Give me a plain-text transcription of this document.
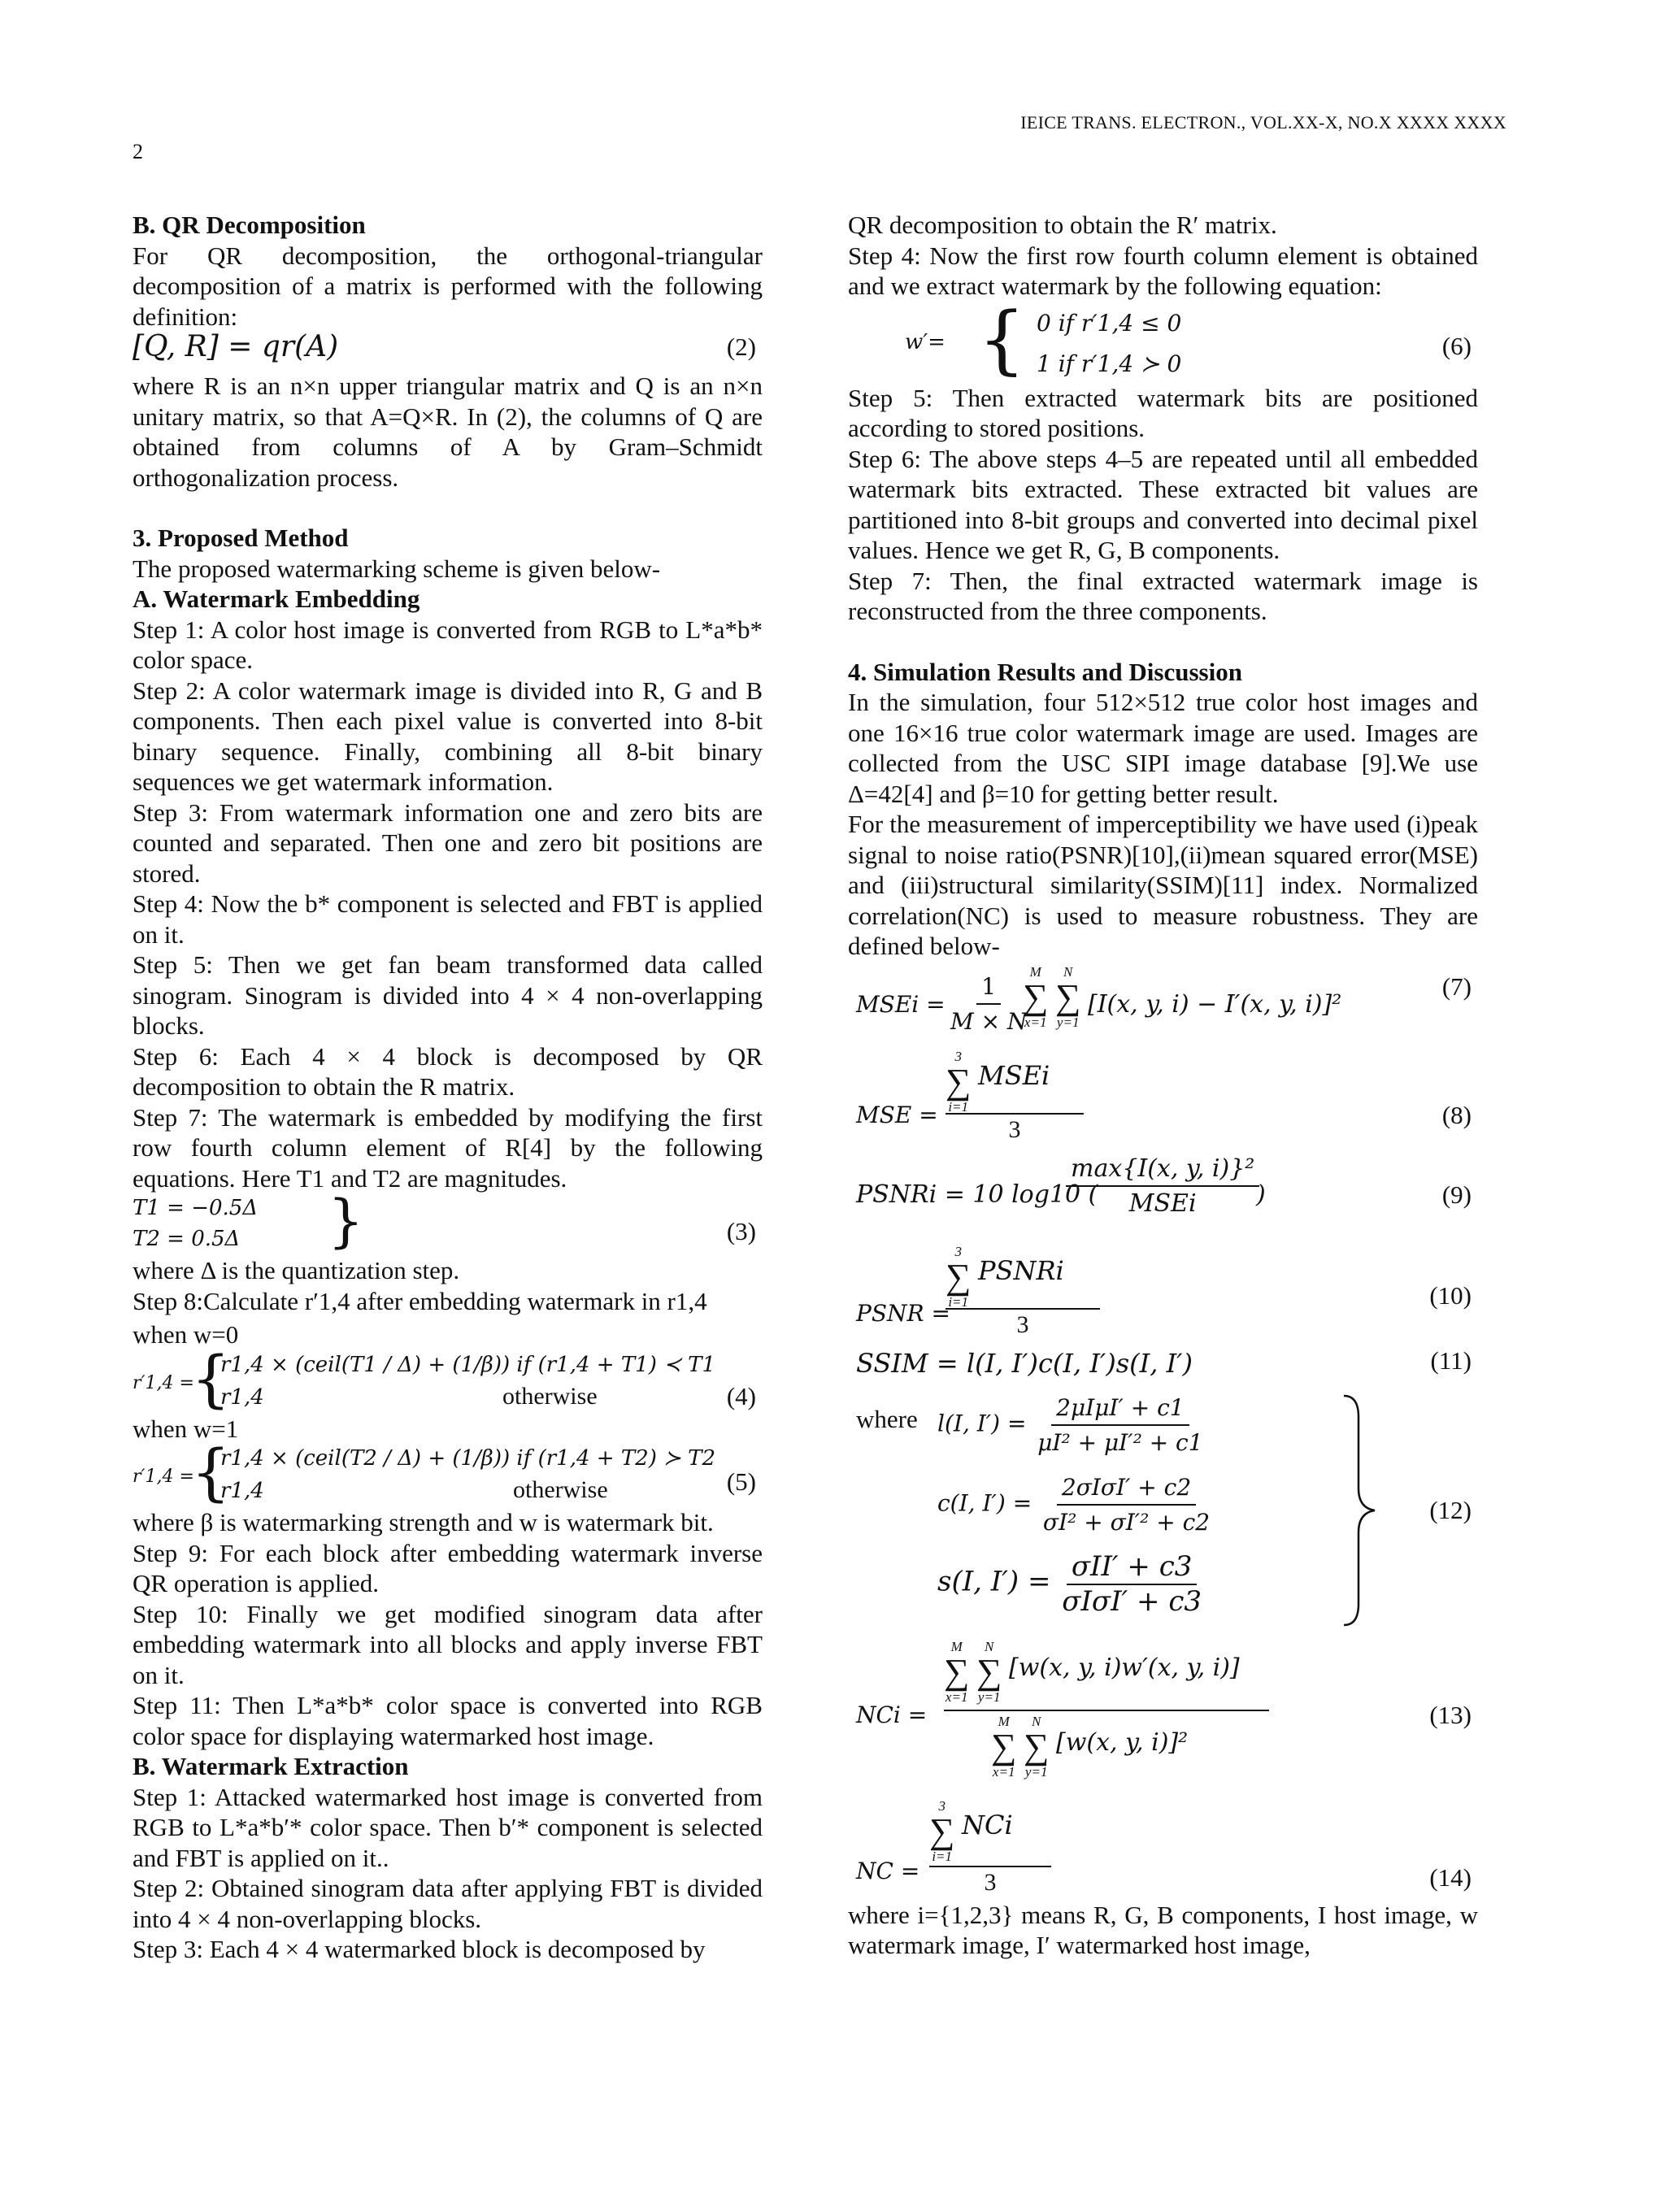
IEICE TRANS. ELECTRON., VOL.XX-X, NO.X XXXX XXXX
2

B. QR Decomposition

For QR decomposition, the orthogonal-triangular decomposition of a matrix is performed with the following definition:

[Q, R] = qr(A)	(2)

where R is an n×n upper triangular matrix and Q is an n×n unitary matrix, so that A=Q×R. In (2), the columns of Q are obtained from columns of A by Gram–Schmidt orthogonalization process.

3. Proposed Method

The proposed watermarking scheme is given below-

A. Watermark Embedding

Step 1: A color host image is converted from RGB to L*a*b* color space.

Step 2: A color watermark image is divided into R, G and B components. Then each pixel value is converted into 8-bit binary sequence. Finally, combining all 8-bit binary sequences we get watermark information.

Step 3: From watermark information one and zero bits are counted and separated. Then one and zero bit positions are stored.

Step 4: Now the b* component is selected and FBT is applied on it.

Step 5: Then we get fan beam transformed data called sinogram. Sinogram is divided into 4 × 4 non-overlapping blocks.

Step 6: Each 4 × 4 block is decomposed by QR decomposition to obtain the R matrix.

Step 7: The watermark is embedded by modifying the first row fourth column element of R[4] by the following equations. Here T1 and T2 are magnitudes.

T1 = −0.5Δ
T2 = 0.5Δ }	(3)

where Δ is the quantization step.

Step 8:Calculate r′1,4 after embedding watermark in r1,4

when w=0

r′1,4 =
{
r1,4 × (ceil(T1 / Δ) + (1/β)) if (r1,4 + T1) ≺ T1
r1,4	otherwise	(4)

when w=1

r′1,4 =
{
r1,4 × (ceil(T2 / Δ) + (1/β)) if (r1,4 + T2) ≻ T2
r1,4	otherwise	(5)

where β is watermarking strength and w is watermark bit.

Step 9: For each block after embedding watermark inverse QR operation is applied.

Step 10: Finally we get modified sinogram data after embedding watermark into all blocks and apply inverse FBT on it.

Step 11: Then L*a*b* color space is converted into RGB color space for displaying watermarked host image.

B. Watermark Extraction

Step 1: Attacked watermarked host image is converted from RGB to L*a*b′* color space. Then b′* component is selected and FBT is applied on it..

Step 2: Obtained sinogram data after applying FBT is divided into 4 × 4 non-overlapping blocks.

Step 3: Each 4 × 4 watermarked block is decomposed by

QR decomposition to obtain the R′ matrix.

Step 4: Now the first row fourth column element is obtained and we extract watermark by the following equation:

w′= { 0 if r′1,4 ≤ 0
1 if r′1,4 ≻ 0
(6)

Step 5: Then extracted watermark bits are positioned according to stored positions.

Step 6: The above steps 4–5 are repeated until all embedded watermark bits extracted. These extracted bit values are partitioned into 8-bit groups and converted into decimal pixel values. Hence we get R, G, B components.

Step 7: Then, the final extracted watermark image is reconstructed from the three components.

4. Simulation Results and Discussion

In the simulation, four 512×512 true color host images and one 16×16 true color watermark image are used. Images are collected from the USC SIPI image database [9].We use Δ=42[4] and β=10 for getting better result.

For the measurement of imperceptibility we have used (i)peak signal to noise ratio(PSNR)[10],(ii)mean squared error(MSE) and (iii)structural similarity(SSIM)[11] index. Normalized correlation(NC) is used to measure robustness. They are defined below-

MSEi = $\frac{1}{M \times N}$ M
∑
x=1
N
∑
y=1
[I(x, y, i) − I′(x, y, i)]²
(7)
MSE =
3
∑
i=1
MSEi
3
(8)
PSNRi = 10 log10 (
$\frac{\text{max\{I(x, y, i)\}²}}{\text{MSEi}}$
)	(9)
PSNR =
3
∑
i=1
PSNRi
3
(10)
SSIM = l(I, I′)c(I, I′)s(I, I′)	(11)
where l(I, $I') = \frac{\text{2μIμI′ + c1}}{\text{μI² + μI′² + c1}}$
c(I, $I') = \frac{\text{2σIσI′ + c2}}{\text{σI² + σI′² + c2}}$
s(I, $I') = \frac{\text{σII′ + c3}}{\text{σIσI′ + c3}}$
(12)
NCi =
M
∑
x=1
N
∑
y=1
[w(x, y, i)w′(x, y, i)]
M
∑
x=1
N
∑
y=1
[w(x, y, i)]²
(13)
NC =
3
∑
i=1
NCi
3	(14)

where i={1,2,3} means R, G, B components, I host image, w watermark image, I′ watermarked host image,
